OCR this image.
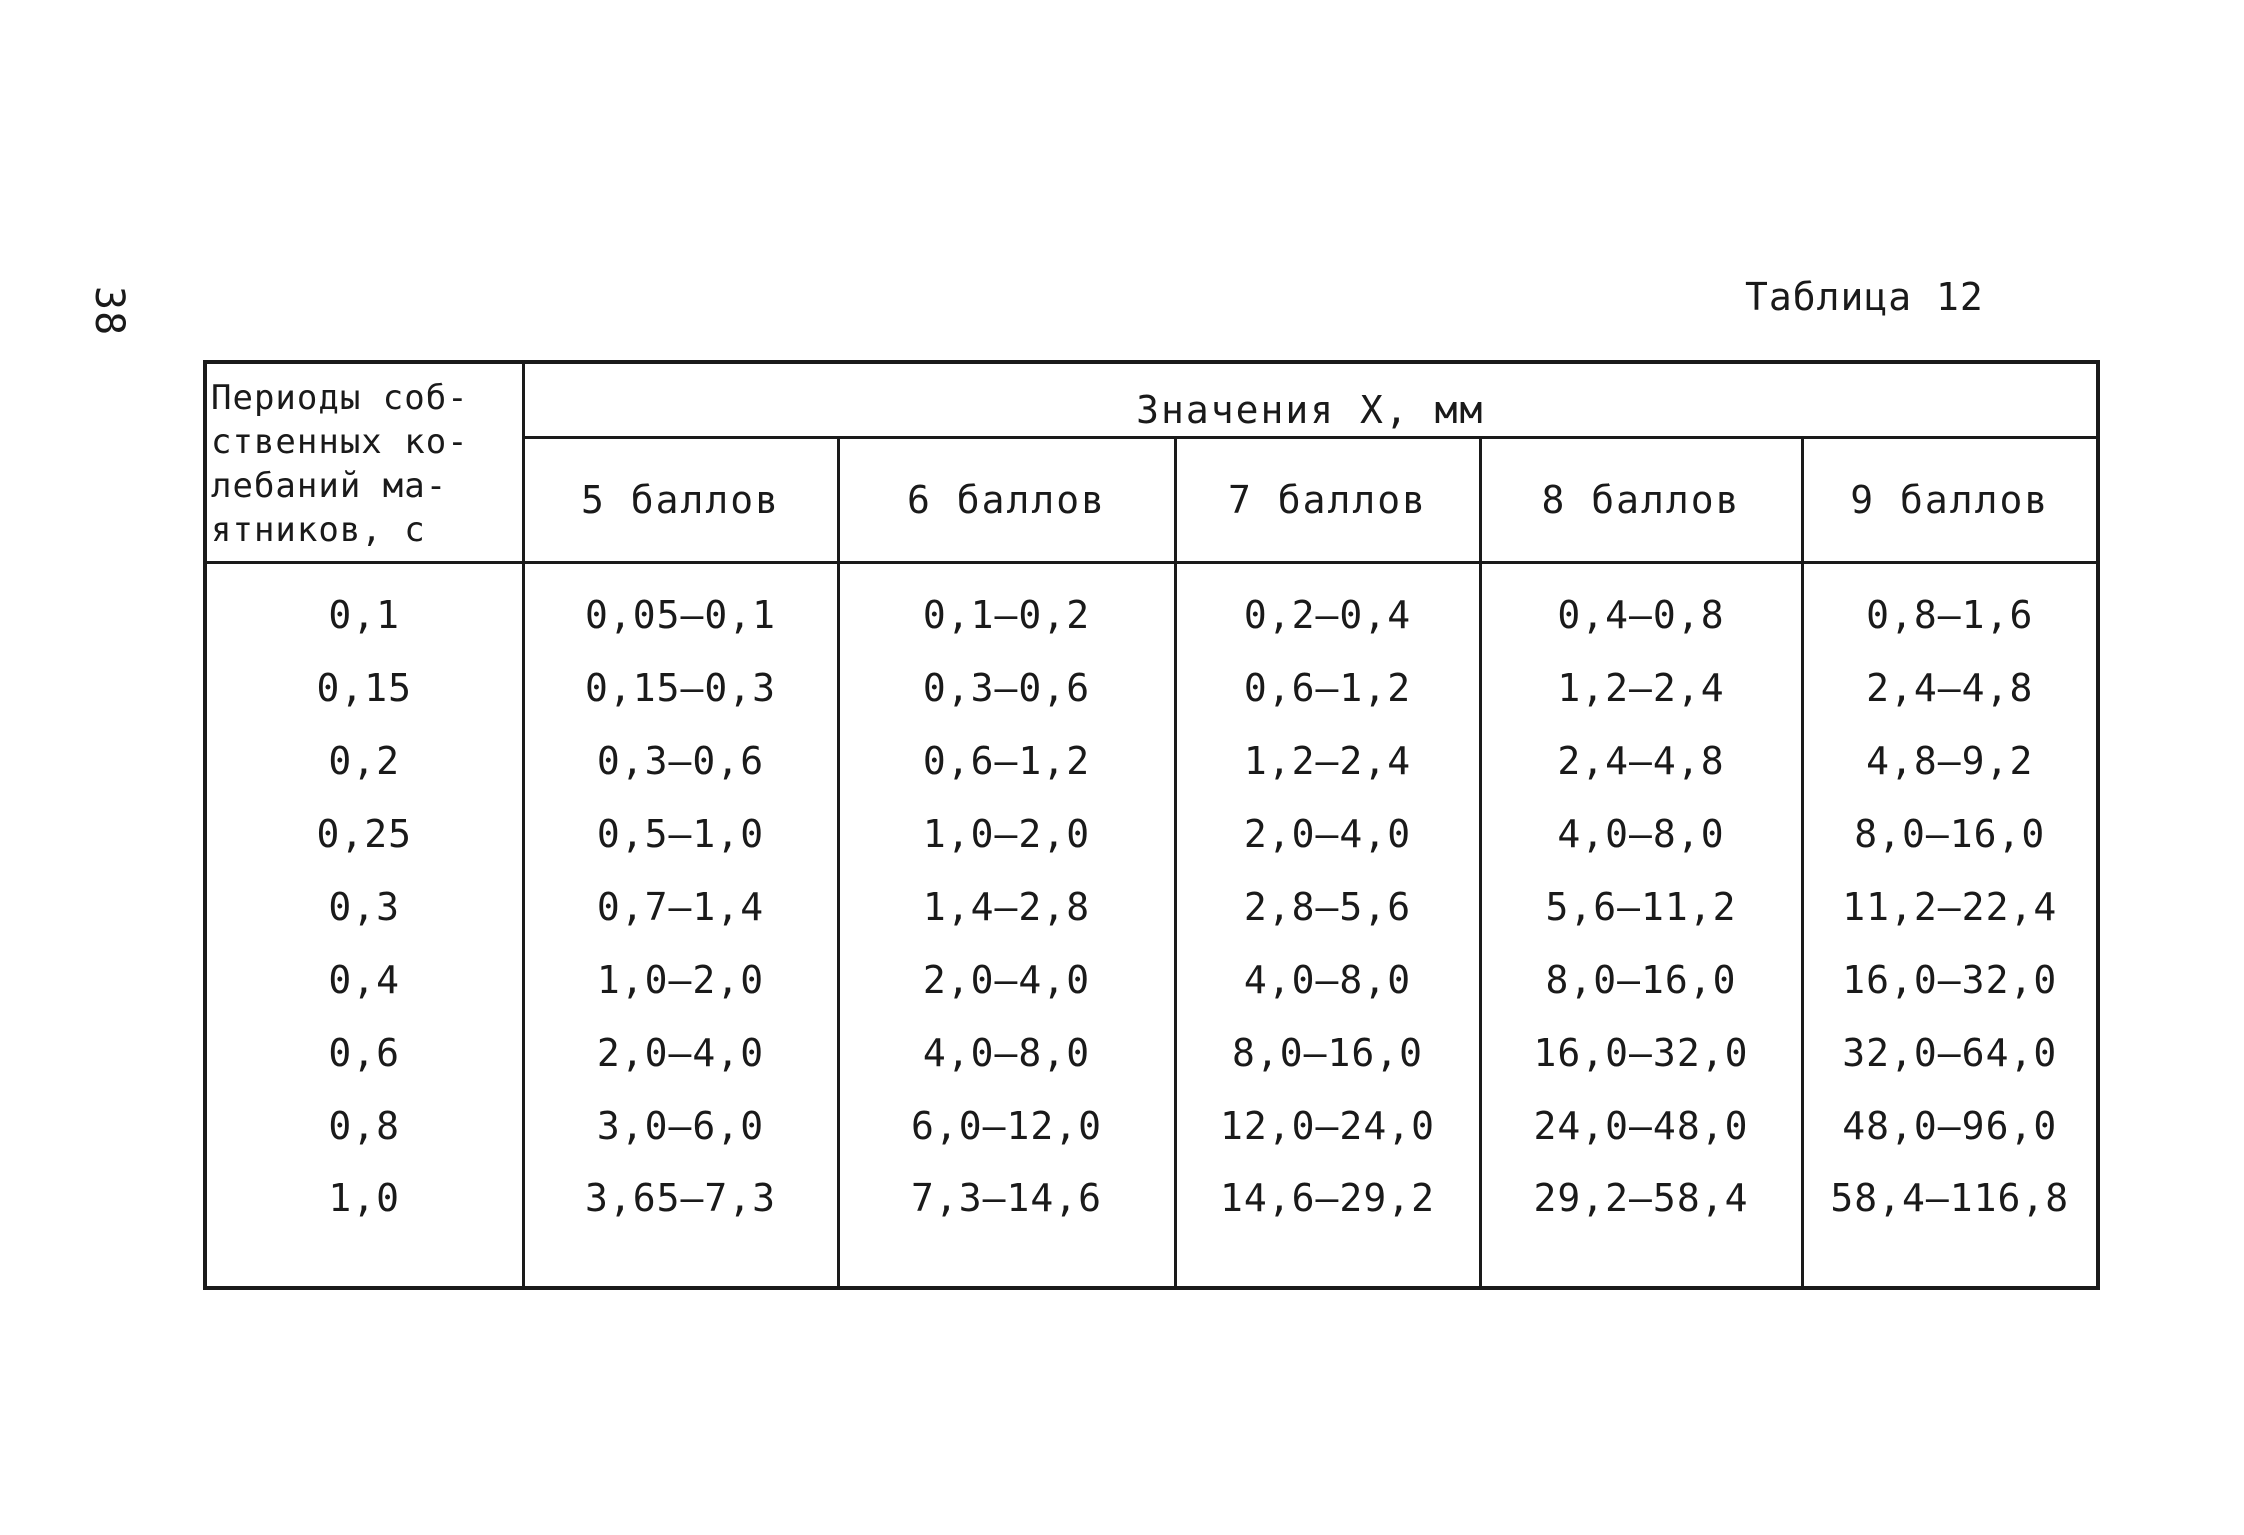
38	Таблица 12
Периоды соб-
ственных ко-
лебаний ма-
ятников, с	Значения X, мм				
	5 баллов	6 баллов	7 баллов	8 баллов	9 баллов
0,1	0,05–0,1	0,1–0,2	0,2–0,4	0,4–0,8	0,8–1,6
0,15	0,15–0,3	0,3–0,6	0,6–1,2	1,2–2,4	2,4–4,8
0,2	0,3–0,6	0,6–1,2	1,2–2,4	2,4–4,8	4,8–9,2
0,25	0,5–1,0	1,0–2,0	2,0–4,0	4,0–8,0	8,0–16,0
0,3	0,7–1,4	1,4–2,8	2,8–5,6	5,6–11,2	11,2–22,4
0,4	1,0–2,0	2,0–4,0	4,0–8,0	8,0–16,0	16,0–32,0
0,6	2,0–4,0	4,0–8,0	8,0–16,0	16,0–32,0	32,0–64,0
0,8	3,0–6,0	6,0–12,0	12,0–24,0	24,0–48,0	48,0–96,0
1,0	3,65–7,3	7,3–14,6	14,6–29,2	29,2–58,4	58,4–116,8
